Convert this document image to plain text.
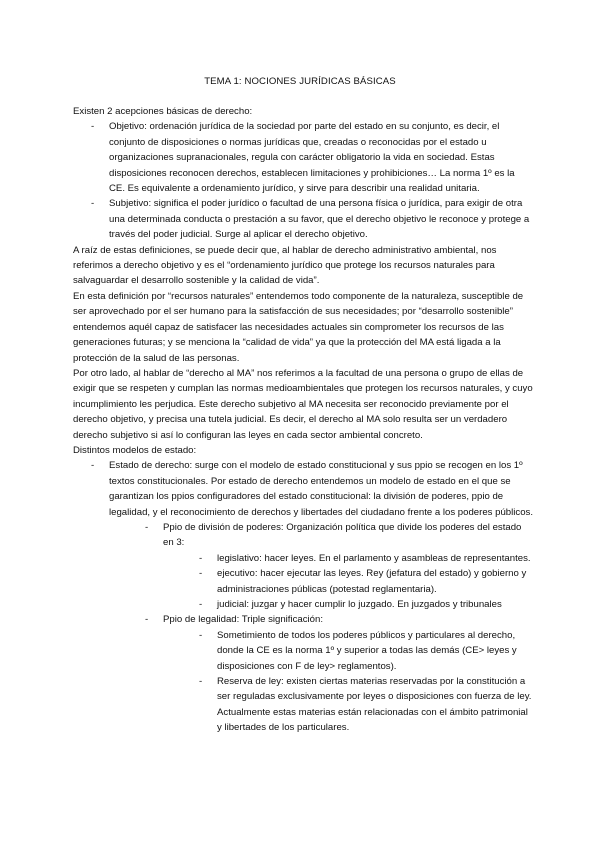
TEMA 1: NOCIONES JURÍDICAS BÁSICAS

Existen 2 acepciones básicas de derecho:

- Objetivo: ordenación jurídica de la sociedad por parte del estado en su conjunto, es decir, el conjunto de disposiciones o normas jurídicas que, creadas o reconocidas por el estado u organizaciones supranacionales, regula con carácter obligatorio la vida en sociedad. Estas disposiciones reconocen derechos, establecen limitaciones y prohibiciones… La norma 1º es la CE. Es equivalente a ordenamiento jurídico, y sirve para describir una realidad unitaria.
- Subjetivo: significa el poder jurídico o facultad de una persona física o jurídica, para exigir de otra una determinada conducta o prestación a su favor, que el derecho objetivo le reconoce y protege a través del poder judicial. Surge al aplicar el derecho objetivo.

A raíz de estas definiciones, se puede decir que, al hablar de derecho administrativo ambiental, nos referimos a derecho objetivo y es el “ordenamiento jurídico que protege los recursos naturales para salvaguardar el desarrollo sostenible y la calidad de vida”.

En esta definición por “recursos naturales” entendemos todo componente de la naturaleza, susceptible de ser aprovechado por el ser humano para la satisfacción de sus necesidades; por “desarrollo sostenible” entendemos aquél capaz de satisfacer las necesidades actuales sin comprometer los recursos de las generaciones futuras; y se menciona la “calidad de vida” ya que la protección del MA está ligada a la protección de la salud de las personas.

Por otro lado, al hablar de “derecho al MA” nos referimos a la facultad de una persona o grupo de ellas de exigir que se respeten y cumplan las normas medioambientales que protegen los recursos naturales, y cuyo incumplimiento les perjudica. Este derecho subjetivo al MA necesita ser reconocido previamente por el derecho objetivo, y precisa una tutela judicial. Es decir, el derecho al MA solo resulta ser un verdadero derecho subjetivo si así lo configuran las leyes en cada sector ambiental concreto.

Distintos modelos de estado:

- Estado de derecho: surge con el modelo de estado constitucional y sus ppio se recogen en los 1º textos constitucionales. Por estado de derecho entendemos un modelo de estado en el que se garantizan los ppios configuradores del estado constitucional: la división de poderes, ppio de legalidad, y el reconocimiento de derechos y libertades del ciudadano frente a los poderes públicos.
- Ppio de división de poderes: Organización política que divide los poderes del estado en 3:
- legislativo: hacer leyes. En el parlamento y asambleas de representantes.
- ejecutivo: hacer ejecutar las leyes. Rey (jefatura del estado) y gobierno y administraciones públicas (potestad reglamentaria).
- judicial: juzgar y hacer cumplir lo juzgado. En juzgados y tribunales
- Ppio de legalidad: Triple significación:
- Sometimiento de todos los poderes públicos y particulares al derecho, donde la CE es la norma 1º y superior a todas las demás (CE> leyes y disposiciones con F de ley> reglamentos).
- Reserva de ley: existen ciertas materias reservadas por la constitución a ser reguladas exclusivamente por leyes o disposiciones con fuerza de ley. Actualmente estas materias están relacionadas con el ámbito patrimonial y libertades de los particulares.
